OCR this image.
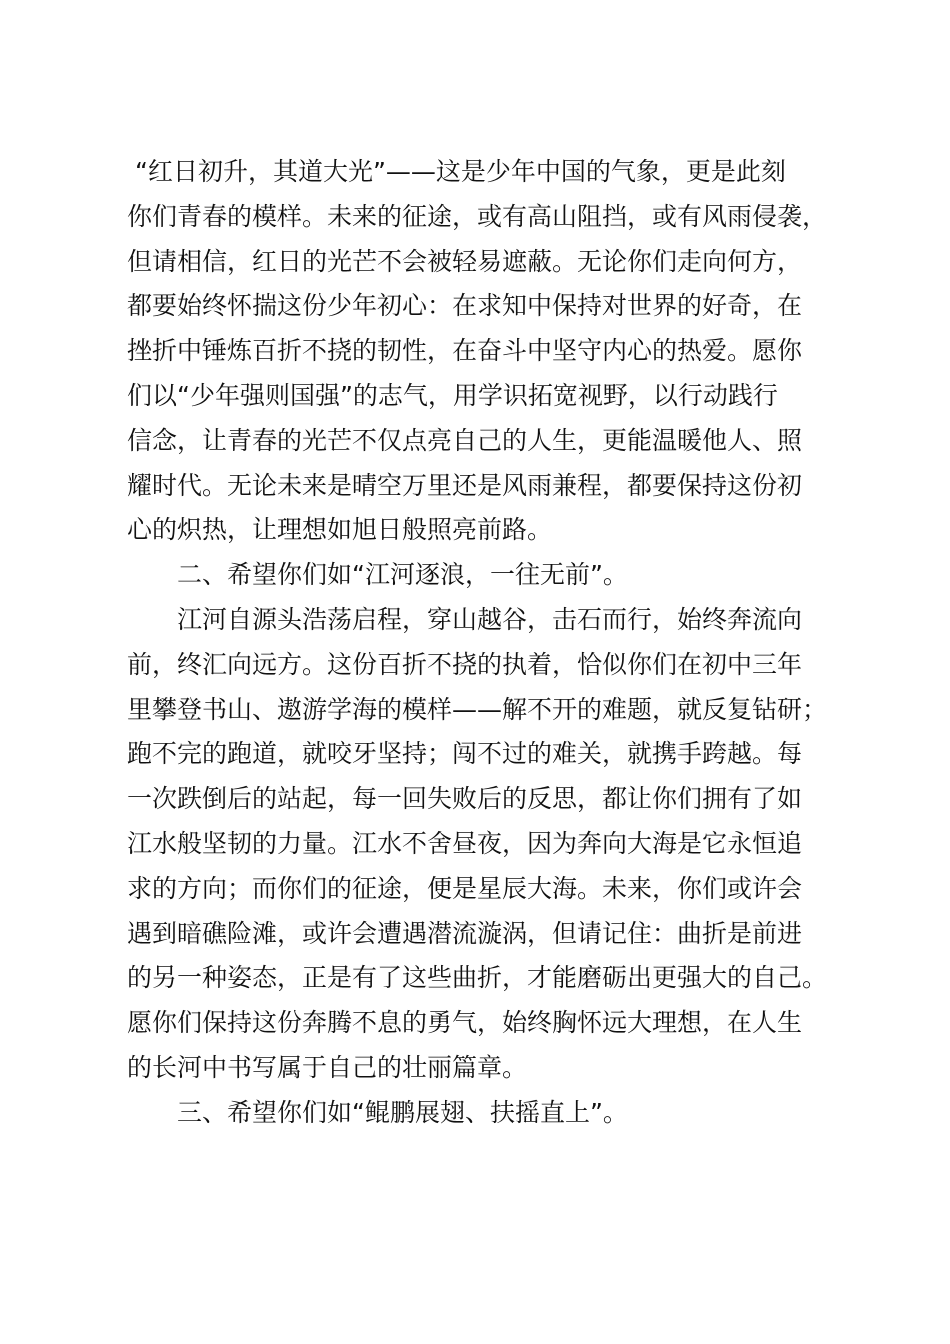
“红日初升，其道大光”——这是少年中国的气象，更是此刻
你们青春的模样。未来的征途，或有高山阻挡，或有风雨侵袭，
但请相信，红日的光芒不会被轻易遮蔽。无论你们走向何方，
都要始终怀揣这份少年初心：在求知中保持对世界的好奇，在
挫折中锤炼百折不挠的韧性，在奋斗中坚守内心的热爱。愿你
们以“少年强则国强”的志气，用学识拓宽视野，以行动践行
信念，让青春的光芒不仅点亮自己的人生，更能温暖他人、照
耀时代。无论未来是晴空万里还是风雨兼程，都要保持这份初
心的炽热，让理想如旭日般照亮前路。
二、希望你们如“江河逐浪，一往无前”。
江河自源头浩荡启程，穿山越谷，击石而行，始终奔流向
前，终汇向远方。这份百折不挠的执着，恰似你们在初中三年
里攀登书山、遨游学海的模样——解不开的难题，就反复钻研；
跑不完的跑道，就咬牙坚持；闯不过的难关，就携手跨越。每
一次跌倒后的站起，每一回失败后的反思，都让你们拥有了如
江水般坚韧的力量。江水不舍昼夜，因为奔向大海是它永恒追
求的方向；而你们的征途，便是星辰大海。未来，你们或许会
遇到暗礁险滩，或许会遭遇潜流漩涡，但请记住：曲折是前进
的另一种姿态，正是有了这些曲折，才能磨砺出更强大的自己。
愿你们保持这份奔腾不息的勇气，始终胸怀远大理想，在人生
的长河中书写属于自己的壮丽篇章。
三、希望你们如“鲲鹏展翅、扶摇直上”。
